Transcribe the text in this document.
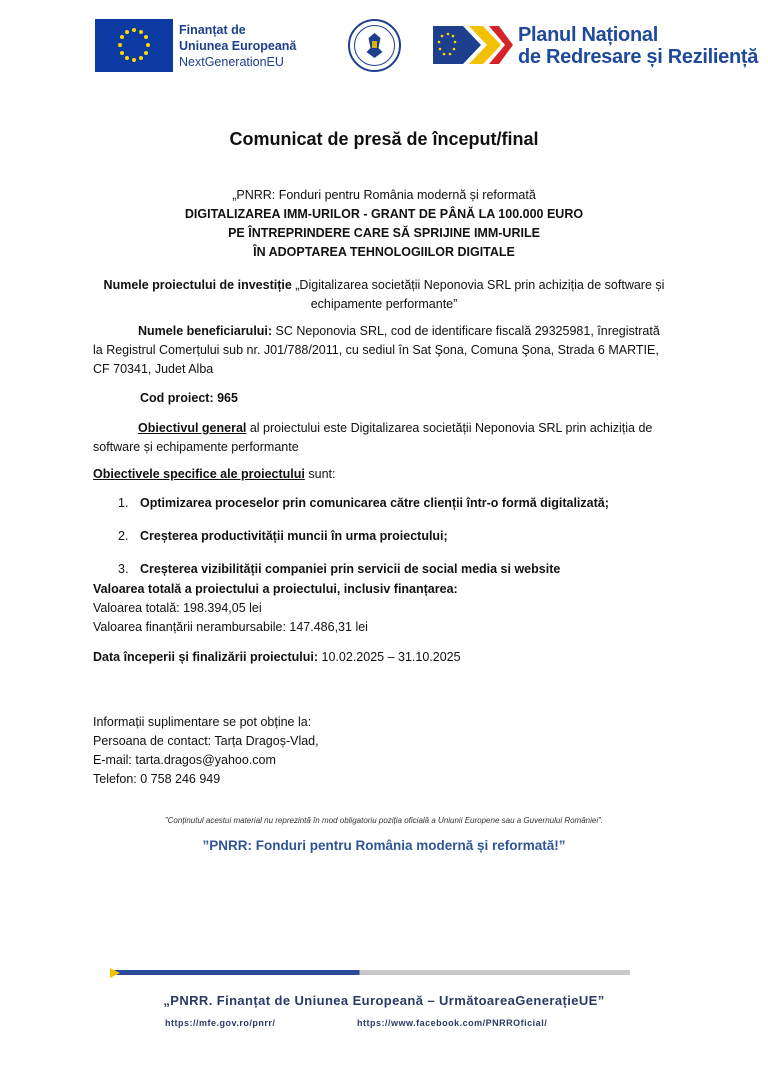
Finanțat de
Uniunea Europeană
NextGenerationEU
Planul Național
de Redresare și Reziliență
Comunicat de presă de început/final
„PNRR: Fonduri pentru România modernă și reformată
DIGITALIZAREA IMM-URILOR - GRANT DE PÂNĂ LA 100.000 EURO
PE ÎNTREPRINDERE CARE SĂ SPRIJINE IMM-URILE
ÎN ADOPTAREA TEHNOLOGIILOR DIGITALE
Numele proiectului de investiție „Digitalizarea societății Neponovia SRL prin achiziția de software și
echipamente performante”
Numele beneficiarului: SC Neponovia SRL, cod de identificare fiscală 29325981, înregistrată
la Registrul Comerțului sub nr. J01/788/2011, cu sediul în Sat Şona, Comuna Şona, Strada 6 MARTIE,
CF 70341, Judet Alba
Cod proiect: 965
Obiectivul general al proiectului este Digitalizarea societății Neponovia SRL prin achiziția de
software și echipamente performante
Obiectivele specifice ale proiectului sunt:
1. Optimizarea proceselor prin comunicarea către clienții într-o formă digitalizată;
2. Creșterea productivității muncii în urma proiectului;
3. Creșterea vizibilității companiei prin servicii de social media si website
Valoarea totală a proiectului a proiectului, inclusiv finanțarea:
Valoarea totală: 198.394,05 lei
Valoarea finanțării nerambursabile: 147.486,31 lei
Data începerii și finalizării proiectului: 10.02.2025 – 31.10.2025
Informații suplimentare se pot obține la:
Persoana de contact: Tarța Dragoș-Vlad,
E-mail: tarta.dragos@yahoo.com
Telefon: 0 758 246 949
”Conținutul acestui material nu reprezintă în mod obligatoriu poziția oficială a Uniunii Europene sau a Guvernului României”.
”PNRR: Fonduri pentru România modernă și reformată!”
„PNRR. Finanțat de Uniunea Europeană – UrmătoareaGenerațieUE”
https://mfe.gov.ro/pnrr/	https://www.facebook.com/PNRROficial/
